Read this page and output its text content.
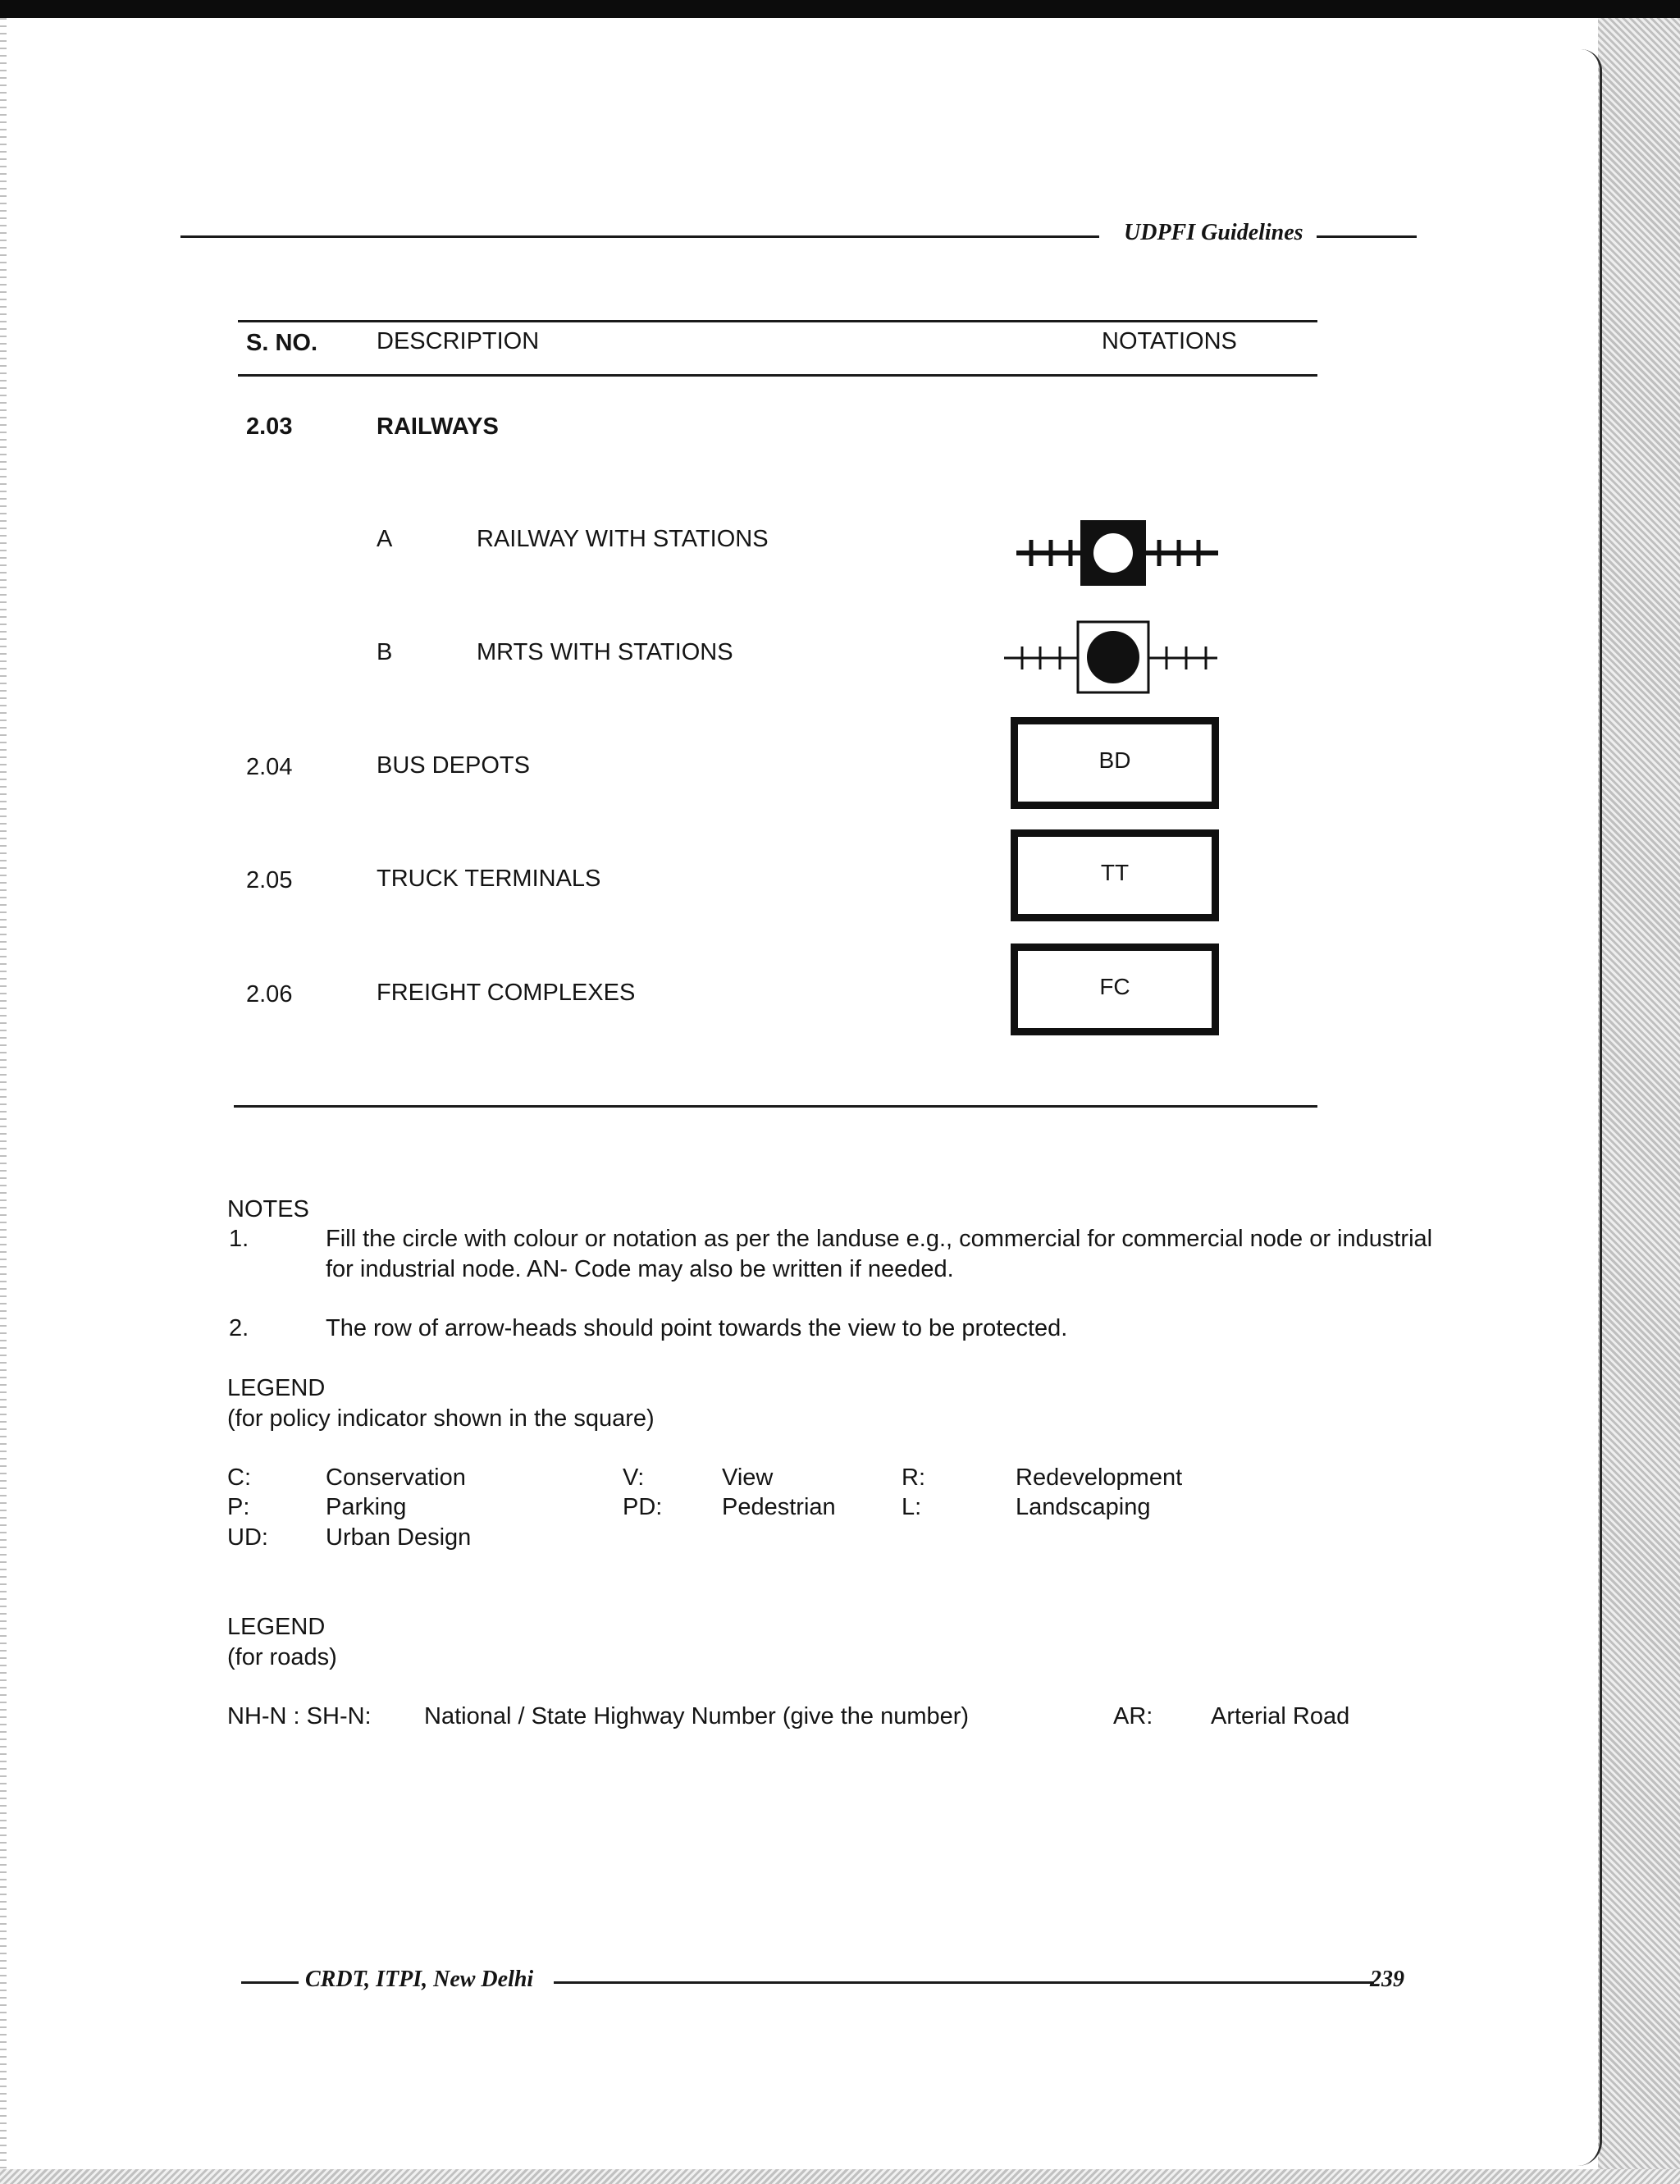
UDPFI Guidelines
S. NO. DESCRIPTION	NOTATIONS
2.03	RAILWAYS
A	RAILWAY WITH STATIONS
B	MRTS WITH STATIONS
2.04	BUS DEPOTS	BD
2.05	TRUCK TERMINALS	TT
2.06	FREIGHT COMPLEXES	FC
NOTES
1.	Fill the circle with colour or notation as per the landuse e.g., commercial for commercial node or industrial
for industrial node. AN- Code may also be written if needed.
2.	The row of arrow-heads should point towards the view to be protected.
LEGEND
(for policy indicator shown in the square)
C:	Conservation	V:	View	R:	Redevelopment
P:	Parking	PD:	Pedestrian	L:	Landscaping
UD: Urban Design
LEGEND
(for roads)
NH-N : SH-N: National / State Highway Number (give the number)	AR: Arterial Road
CRDT, ITPI, New Delhi	239
